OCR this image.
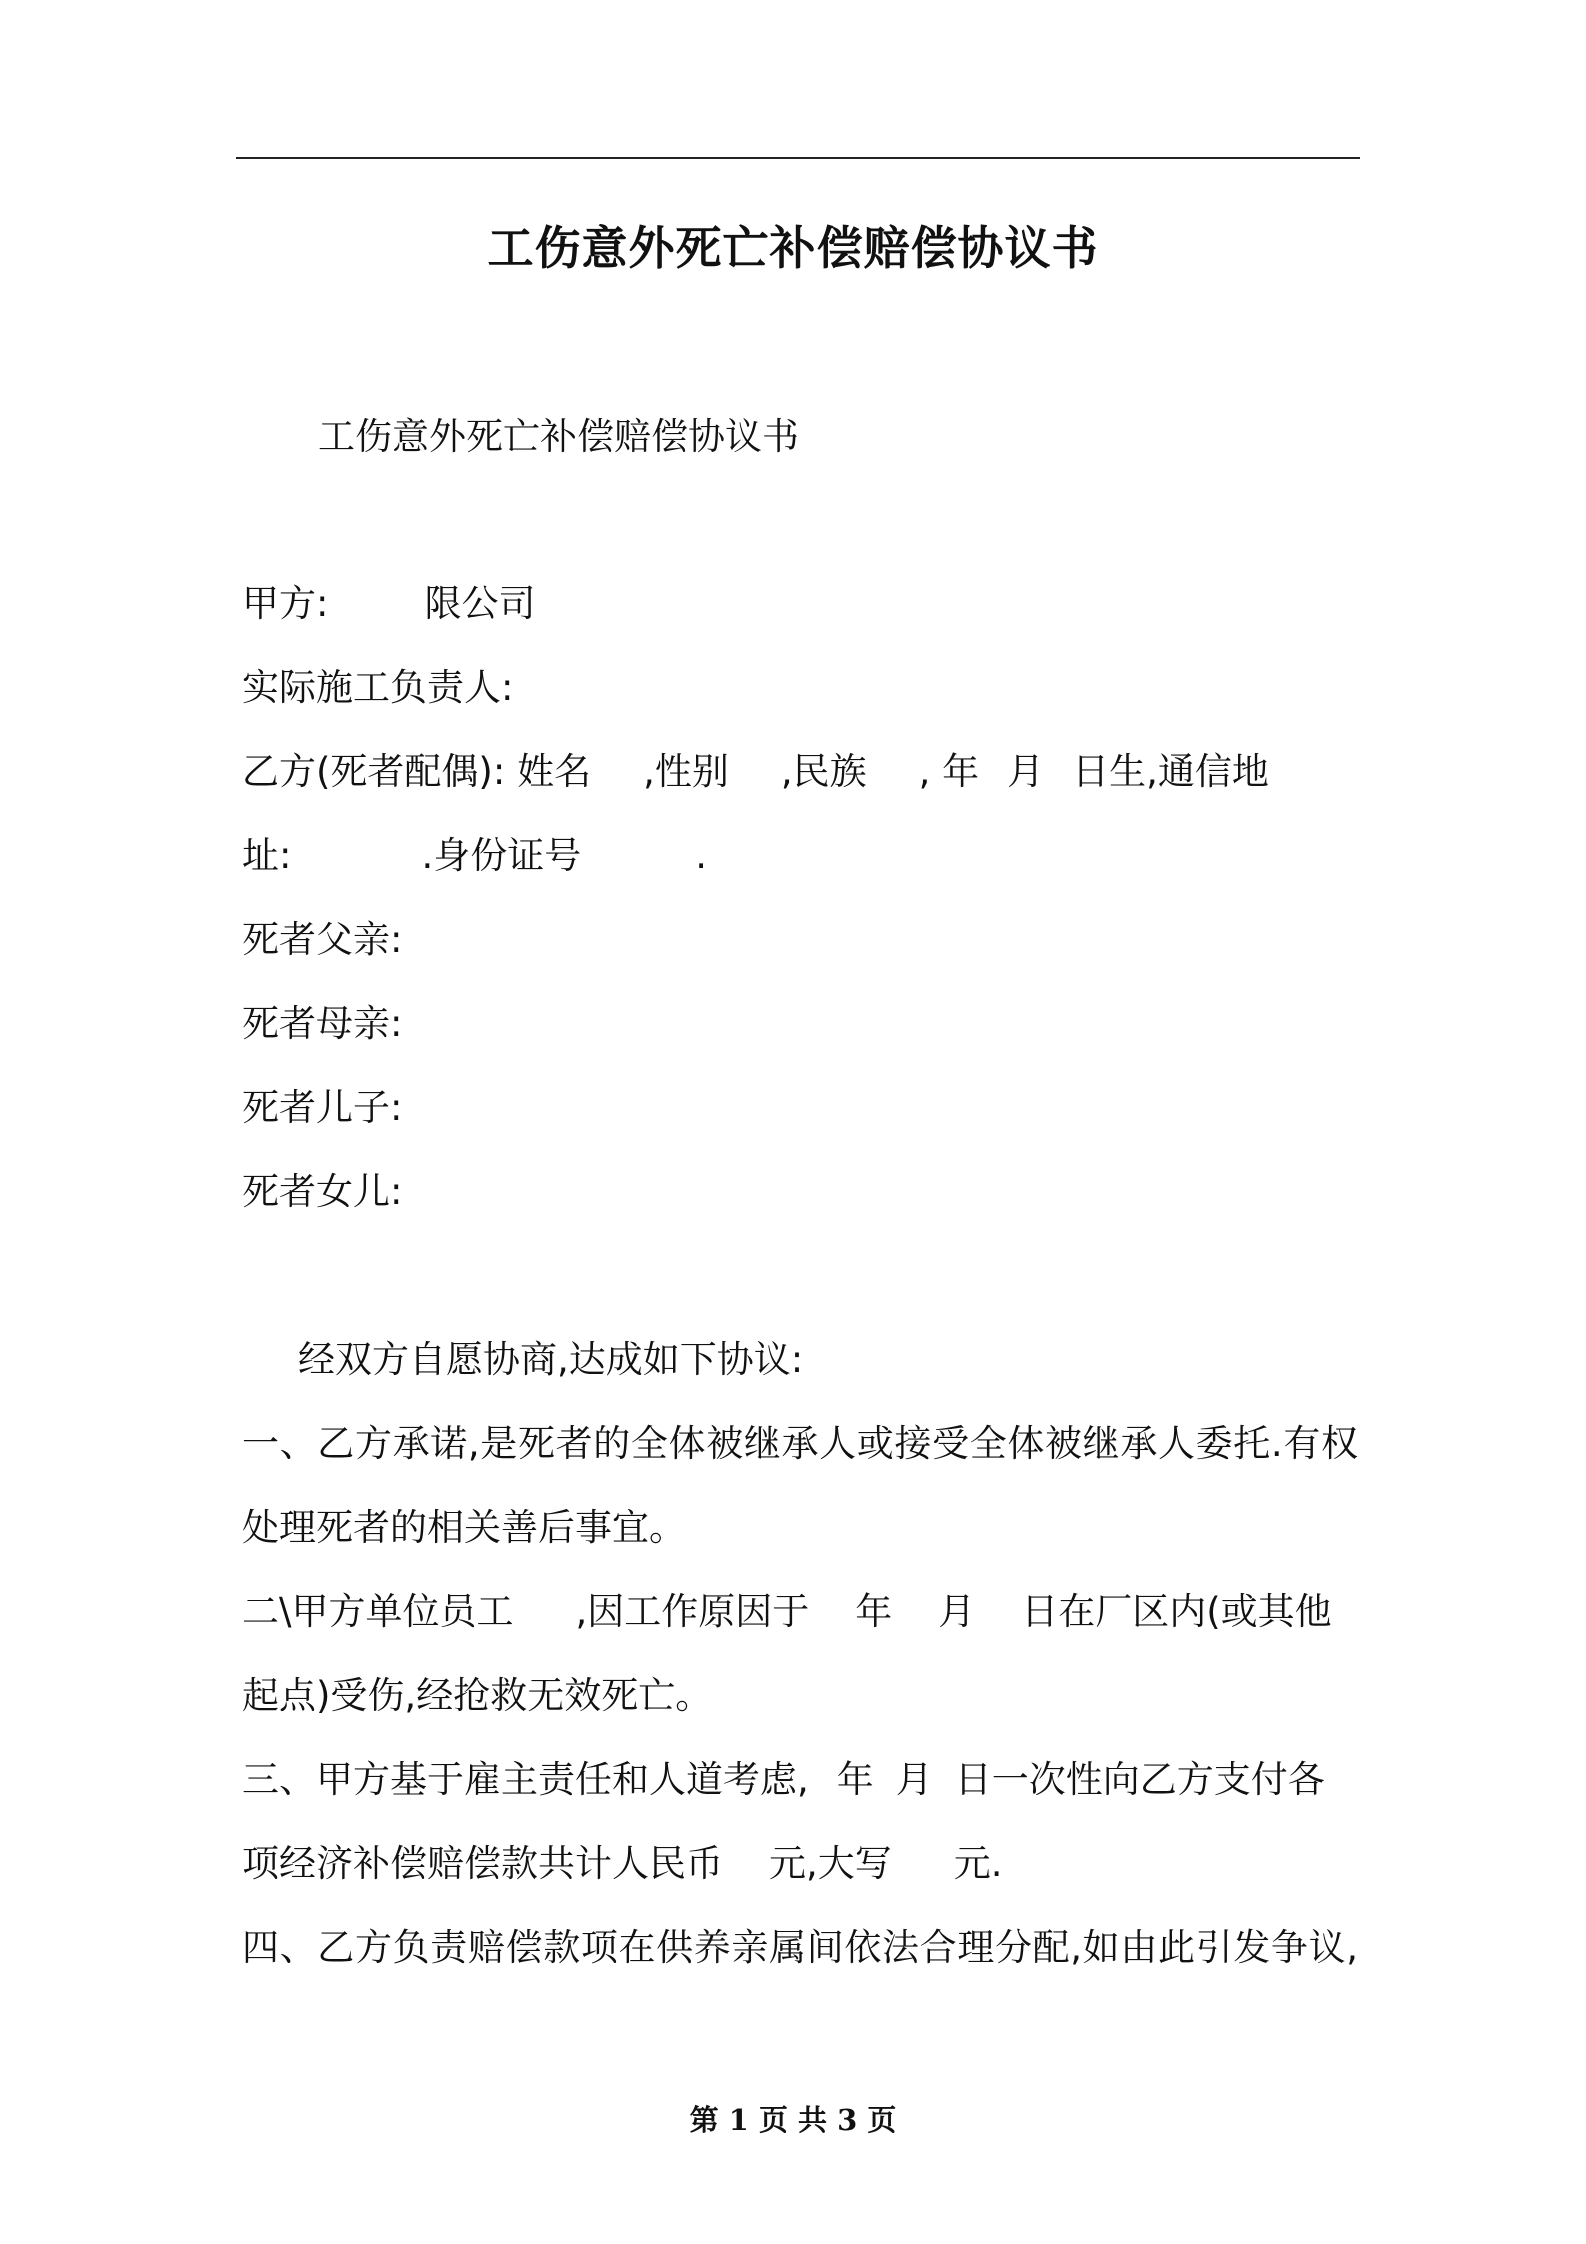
工伤意外死亡补偿赔偿协议书
工伤意外死亡补偿赔偿协议书
甲方:	限公司
实际施工负责人:
乙方(死者配偶): 姓名 ,性别 ,民族 , 年 月 日生,通信地
址:	.身份证号	.
死者父亲:
死者母亲:
死者儿子:
死者女儿:
经双方自愿协商,达成如下协议:
一、乙方承诺,是死者的全体被继承人或接受全体被继承人委托.有权
处理死者的相关善后事宜。
二\甲方单位员工 ,因工作原因于 年 月 日在厂区内(或其他
起点)受伤,经抢救无效死亡。
三、甲方基于雇主责任和人道考虑, 年 月 日一次性向乙方支付各
项经济补偿赔偿款共计人民币 元,大写 元.
四、乙方负责赔偿款项在供养亲属间依法合理分配,如由此引发争议,
第 1 页 共 3 页
